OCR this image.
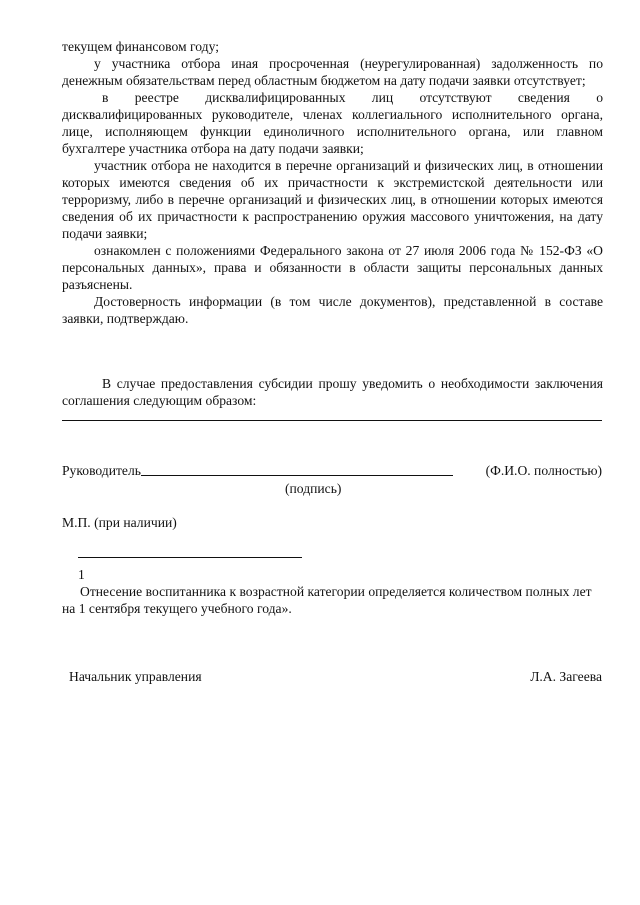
текущем финансовом году;

у участника отбора иная просроченная (неурегулированная) задолженность по денежным обязательствам перед областным бюджетом на дату подачи заявки отсутствует;

в реестре дисквалифицированных лиц отсутствуют сведения о дисквалифицированных руководителе, членах коллегиального исполнительного органа, лице, исполняющем функции единоличного исполнительного органа, или главном бухгалтере участника отбора на дату подачи заявки;

участник отбора не находится в перечне организаций и физических лиц, в отношении которых имеются сведения об их причастности к экстремистской деятельности или терроризму, либо в перечне организаций и физических лиц, в отношении которых имеются сведения об их причастности к распространению оружия массового уничтожения, на дату подачи заявки;

ознакомлен с положениями Федерального закона от 27 июля 2006 года № 152-ФЗ «О персональных данных», права и обязанности в области защиты персональных данных разъяснены.

Достоверность информации (в том числе документов), представленной в составе заявки, подтверждаю.

В случае предоставления субсидии прошу уведомить о необходимости заключения соглашения следующим образом:

Руководитель	(Ф.И.О. полностью)

(подпись)

М.П. (при наличии)

1

Отнесение воспитанника к возрастной категории определяется количеством полных лет на 1 сентября текущего учебного года».

Начальник управления	Л.А. Загеева
